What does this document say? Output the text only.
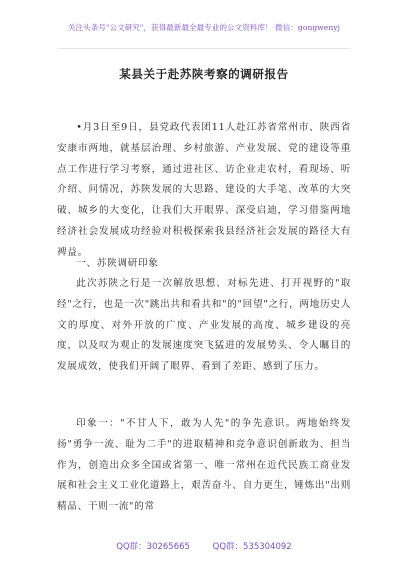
关注头条号"公文研究"，获得最新最全最专业的公文资料库！ 微信：gongwenyj
某县关于赴苏陕考察的调研报告

•月3日至9日，县党政代表团11人赴江苏省常州市、陕西省安康市两地，就基层治理、乡村旅游、产业发展、党的建设等重点工作进行学习考察，通过进社区、访企业走农村，看现场、听介绍、问情况，苏陕发展的大思路、建设的大手笔、改革的大突破、城乡的大变化，让我们大开眼界、深受启迪，学习借鉴两地经济社会发展成功经验对积极探索我县经济社会发展的路径大有裨益。

一、苏陕调研印象

此次苏陕之行是一次解放思想、对标先进、打开视野的"取经"之行，也是一次"跳出共和看共和"的"回望"之行，两地历史人文的厚度、对外开放的广度、产业发展的高度、城乡建设的亮度，以及叹为观止的发展速度突飞猛进的发展势头、令人瞩目的发展成效，使我们开阔了眼界、看到了差距、感到了压力。

印象一："不甘人下，敢为人先"的争先意识。两地始终发扬"勇争一流、耻为二手"的进取精神和竞争意识创新敢为、担当作为，创造出众多全国或省第一、唯一常州在近代民族工商业发展和社会主义工业化道路上，艰苦奋斗、自力更生，锤炼出"出则精品、干则一流"的常

QQ群：30265665	QQ群：535304092
